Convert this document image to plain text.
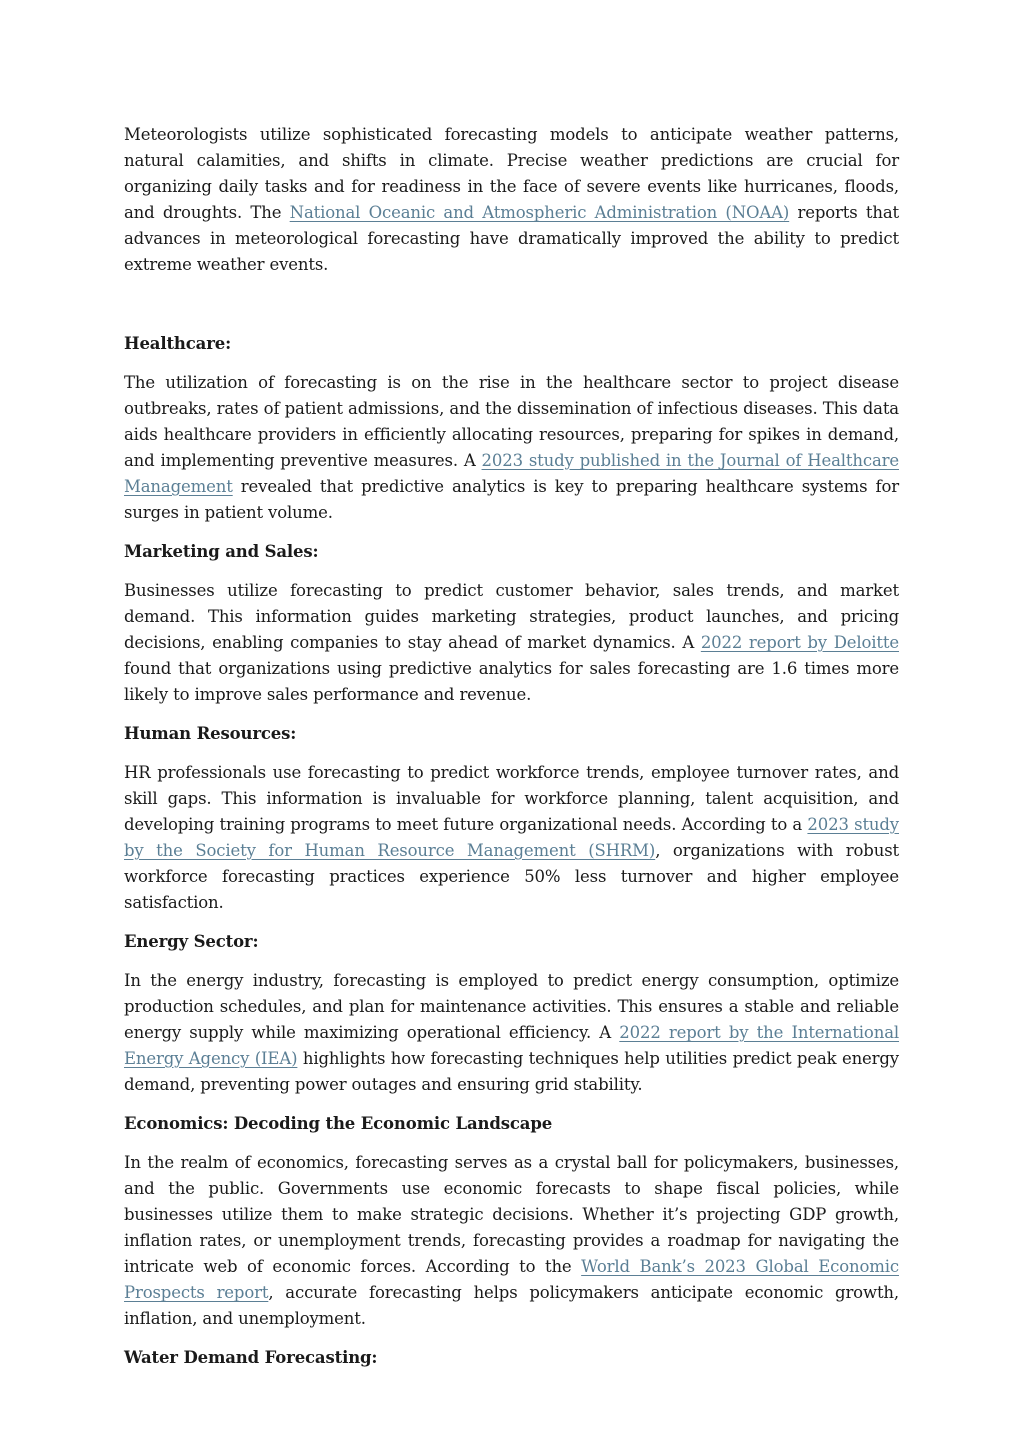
Meteorologists utilize sophisticated forecasting models to anticipate weather patterns, natural calamities, and shifts in climate. Precise weather predictions are crucial for organizing daily tasks and for readiness in the face of severe events like hurricanes, floods, and droughts. The National Oceanic and Atmospheric Administration (NOAA) reports that advances in meteorological forecasting have dramatically improved the ability to predict extreme weather events.

Healthcare:

The utilization of forecasting is on the rise in the healthcare sector to project disease outbreaks, rates of patient admissions, and the dissemination of infectious diseases. This data aids healthcare providers in efficiently allocating resources, preparing for spikes in demand, and implementing preventive measures. A 2023 study published in the Journal of Healthcare Management revealed that predictive analytics is key to preparing healthcare systems for surges in patient volume.

Marketing and Sales:

Businesses utilize forecasting to predict customer behavior, sales trends, and market demand. This information guides marketing strategies, product launches, and pricing decisions, enabling companies to stay ahead of market dynamics. A 2022 report by Deloitte found that organizations using predictive analytics for sales forecasting are 1.6 times more likely to improve sales performance and revenue.

Human Resources:

HR professionals use forecasting to predict workforce trends, employee turnover rates, and skill gaps. This information is invaluable for workforce planning, talent acquisition, and developing training programs to meet future organizational needs. According to a 2023 study by the Society for Human Resource Management (SHRM), organizations with robust workforce forecasting practices experience 50% less turnover and higher employee satisfaction.

Energy Sector:

In the energy industry, forecasting is employed to predict energy consumption, optimize production schedules, and plan for maintenance activities. This ensures a stable and reliable energy supply while maximizing operational efficiency. A 2022 report by the International Energy Agency (IEA) highlights how forecasting techniques help utilities predict peak energy demand, preventing power outages and ensuring grid stability.

Economics: Decoding the Economic Landscape

In the realm of economics, forecasting serves as a crystal ball for policymakers, businesses, and the public. Governments use economic forecasts to shape fiscal policies, while businesses utilize them to make strategic decisions. Whether it’s projecting GDP growth, inflation rates, or unemployment trends, forecasting provides a roadmap for navigating the intricate web of economic forces. According to the World Bank’s 2023 Global Economic Prospects report, accurate forecasting helps policymakers anticipate economic growth, inflation, and unemployment.

Water Demand Forecasting:
